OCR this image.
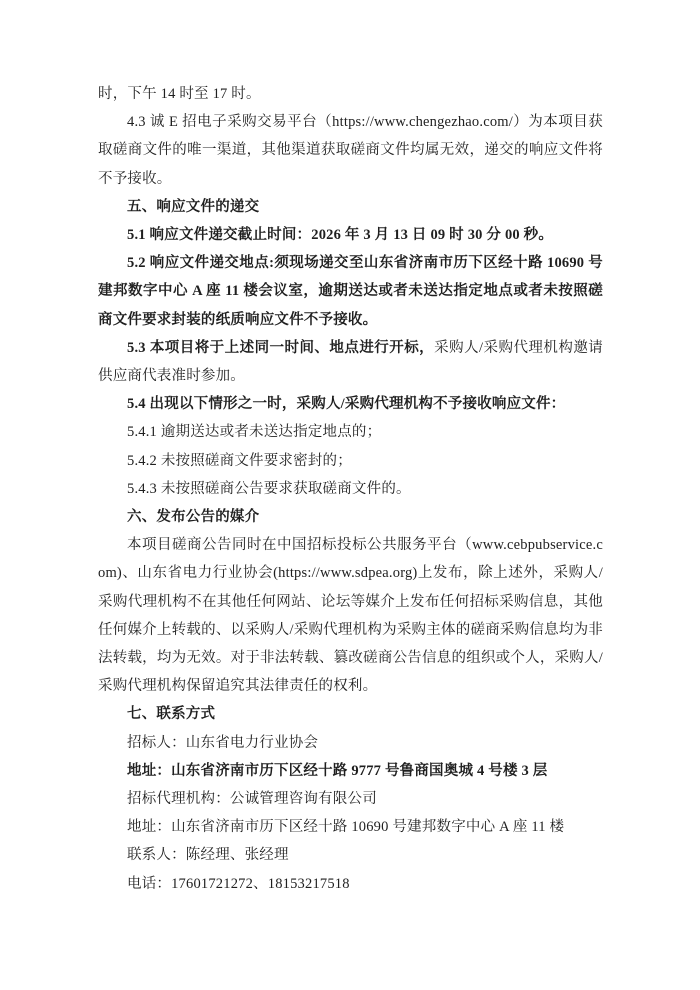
时，下午 14 时至 17 时。

4.3 诚 E 招电子采购交易平台（https://www.chengezhao.com/）为本项目获取磋商文件的唯一渠道，其他渠道获取磋商文件均属无效，递交的响应文件将不予接收。

五、响应文件的递交

5.1 响应文件递交截止时间：2026 年 3 月 13 日 09 时 30 分 00 秒。

5.2 响应文件递交地点:须现场递交至山东省济南市历下区经十路 10690 号建邦数字中心 A 座 11 楼会议室，逾期送达或者未送达指定地点或者未按照磋商文件要求封装的纸质响应文件不予接收。

5.3 本项目将于上述同一时间、地点进行开标，采购人/采购代理机构邀请供应商代表准时参加。

5.4 出现以下情形之一时，采购人/采购代理机构不予接收响应文件：

5.4.1 逾期送达或者未送达指定地点的；

5.4.2 未按照磋商文件要求密封的；

5.4.3 未按照磋商公告要求获取磋商文件的。

六、发布公告的媒介

本项目磋商公告同时在中国招标投标公共服务平台（www.cebpubservice.com)、山东省电力行业协会(https://www.sdpea.org)上发布，除上述外，采购人/采购代理机构不在其他任何网站、论坛等媒介上发布任何招标采购信息，其他任何媒介上转载的、以采购人/采购代理机构为采购主体的磋商采购信息均为非法转载，均为无效。对于非法转载、篡改磋商公告信息的组织或个人，采购人/采购代理机构保留追究其法律责任的权利。

七、联系方式

招标人：山东省电力行业协会

地址：山东省济南市历下区经十路 9777 号鲁商国奥城 4 号楼 3 层

招标代理机构：公诚管理咨询有限公司

地址：山东省济南市历下区经十路 10690 号建邦数字中心 A 座 11 楼

联系人：陈经理、张经理

电话：17601721272、18153217518
